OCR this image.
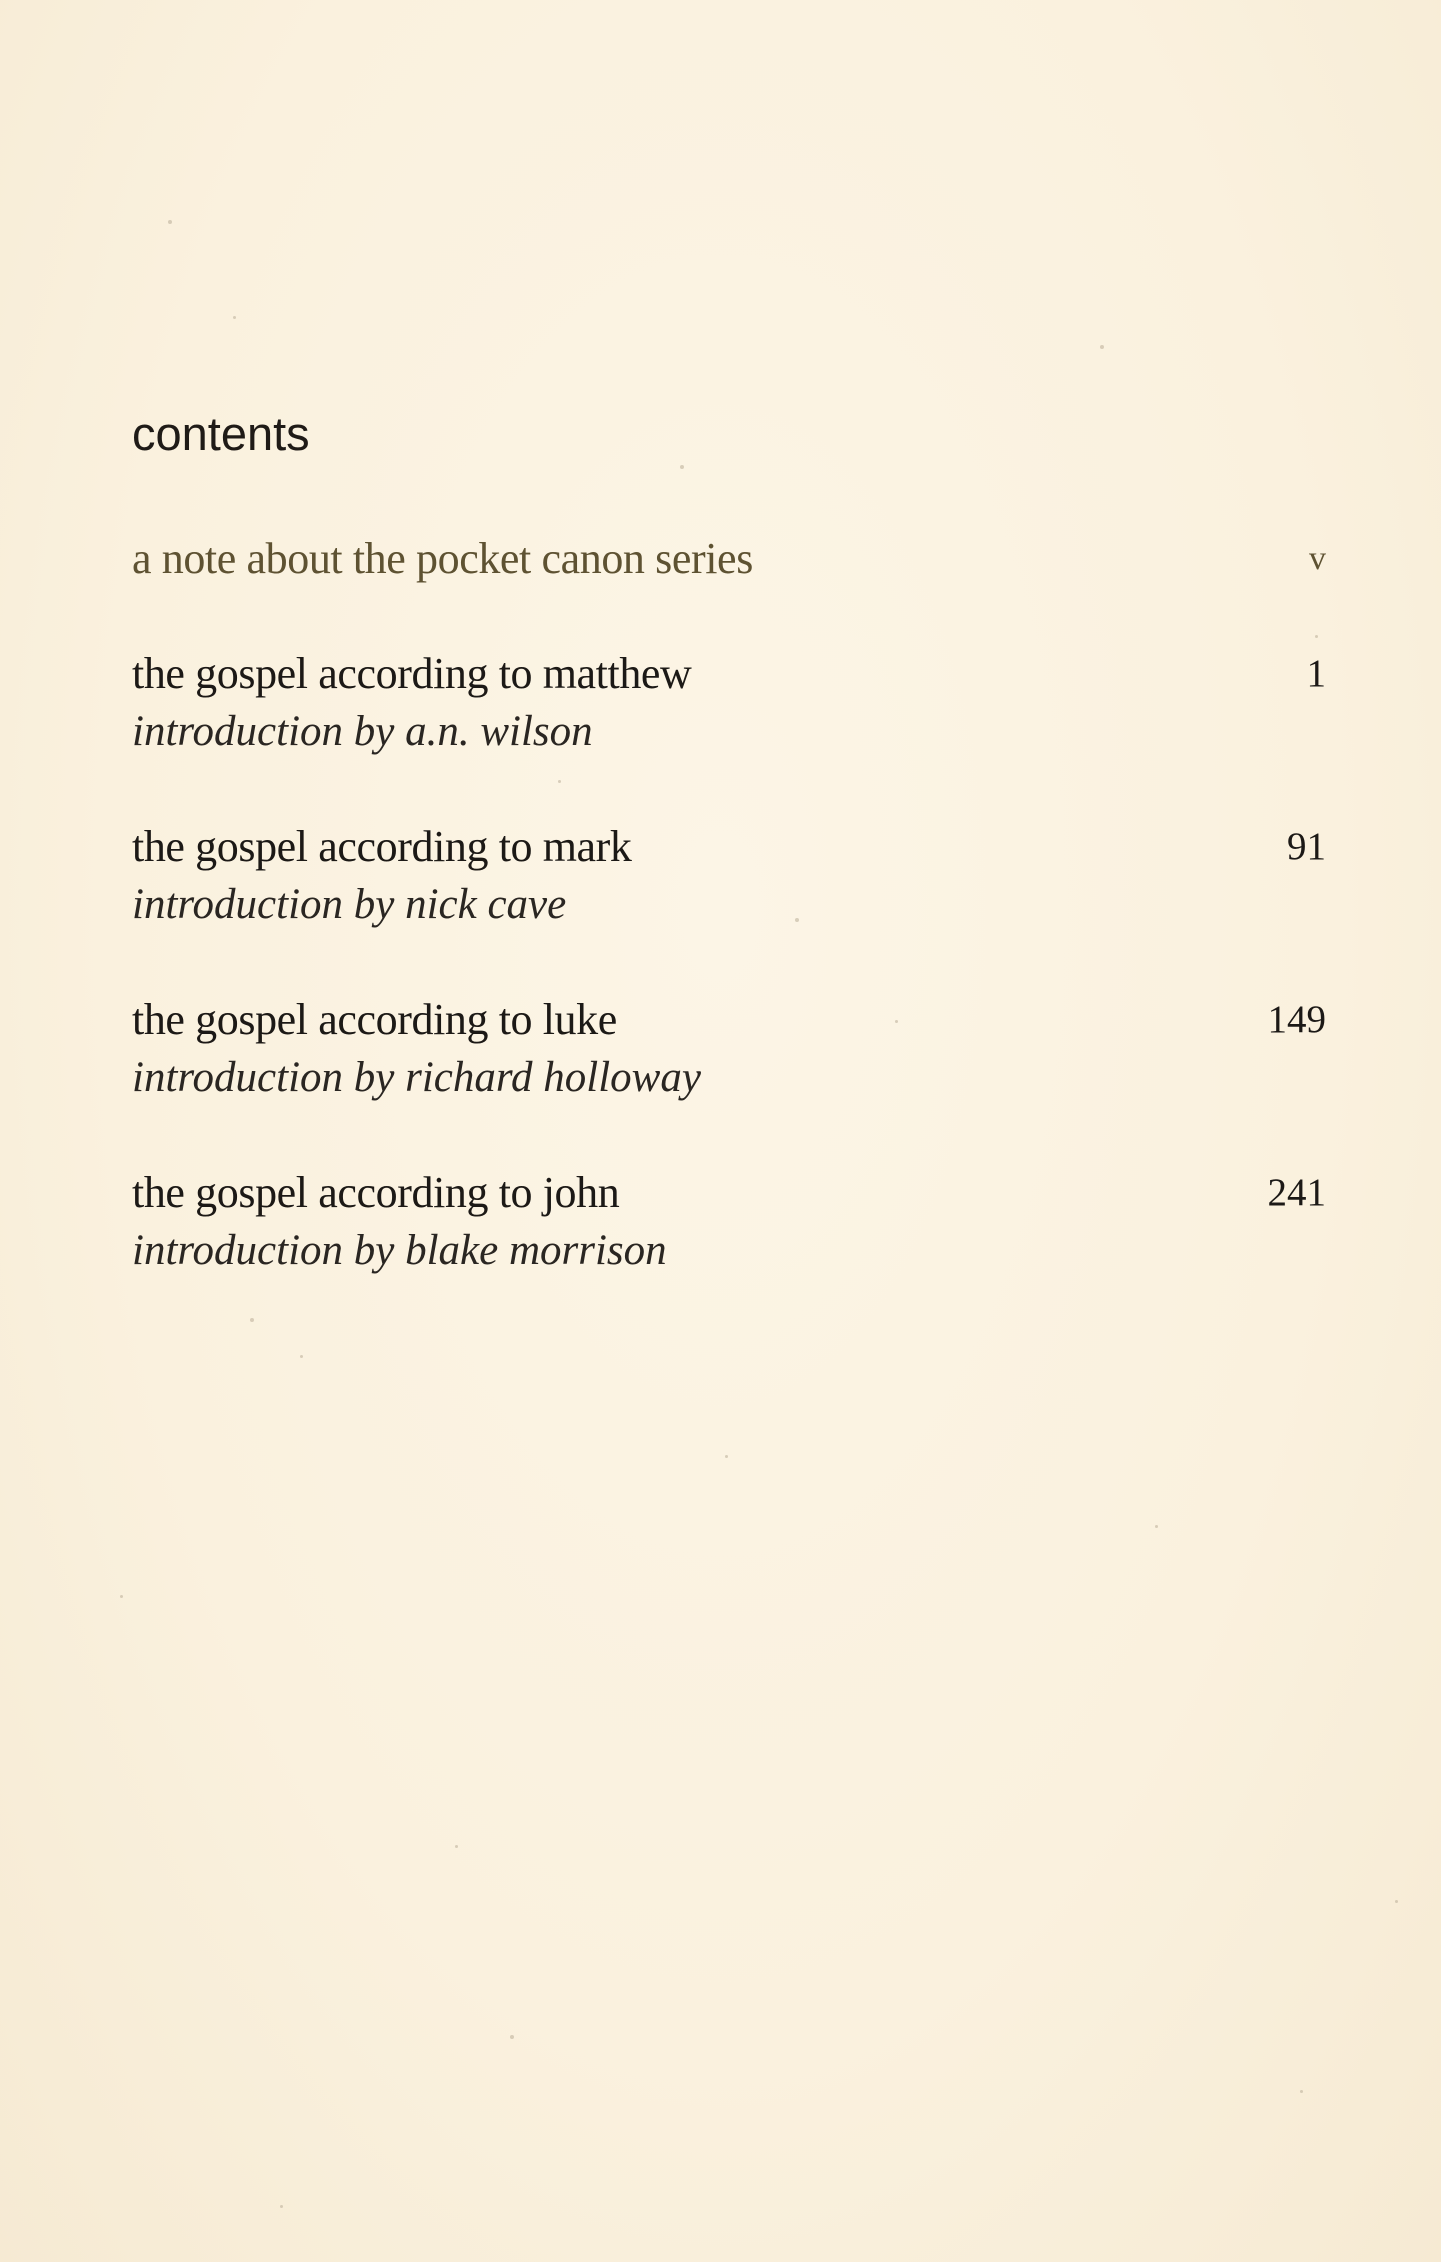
contents
a note about the pocket canon series	v
the gospel according to matthew
introduction by a.n. wilson
1
the gospel according to mark
introduction by nick cave
91
the gospel according to luke
introduction by richard holloway
149
the gospel according to john
introduction by blake morrison
241
